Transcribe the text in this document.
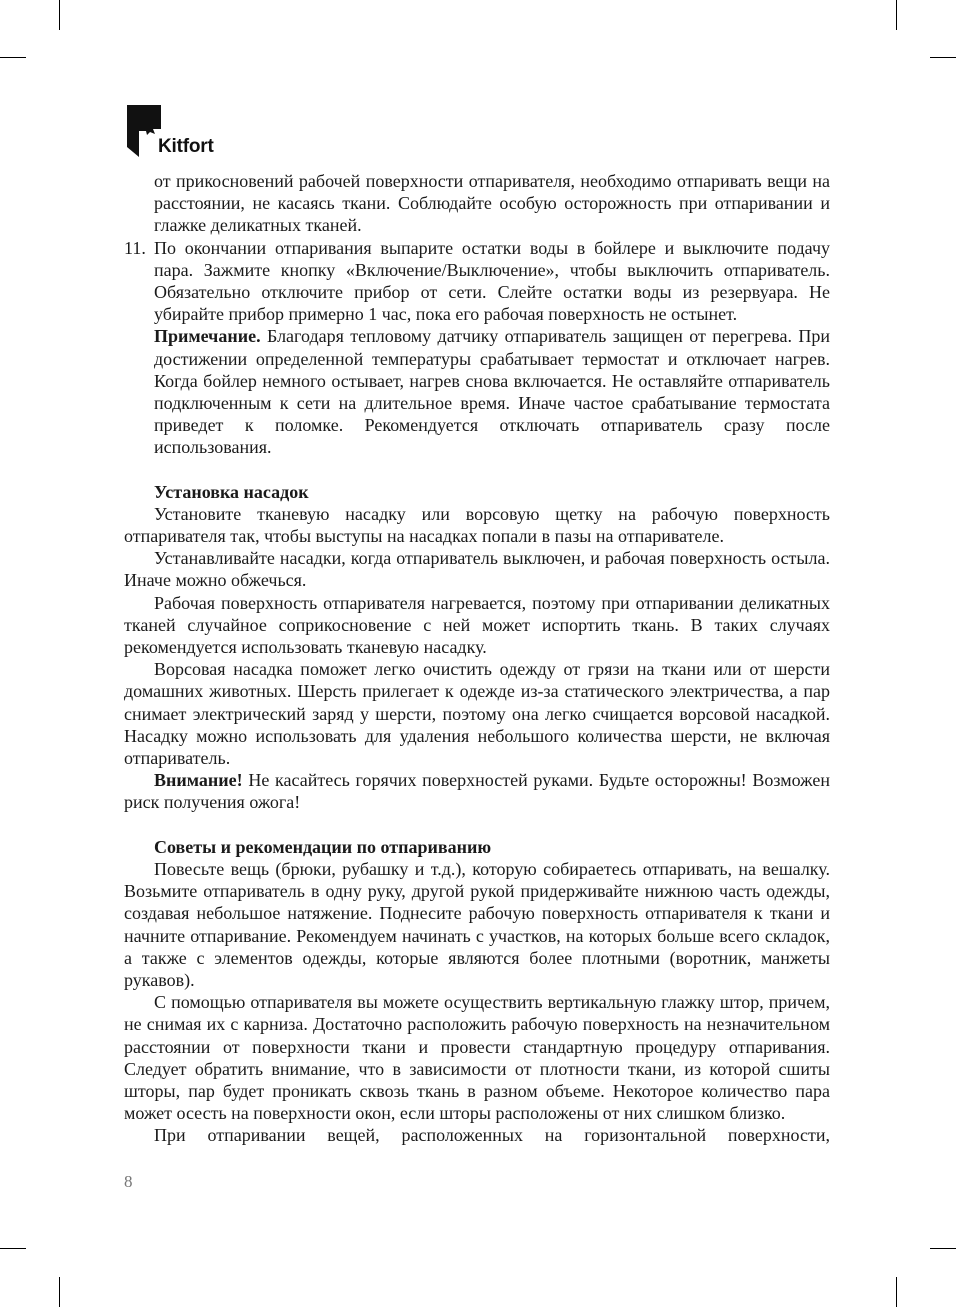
Kitfort

от прикосновений рабочей поверхности отпаривателя, необходимо отпаривать вещи на расстоянии, не касаясь ткани. Соблюдайте особую осторожность при отпаривании и глажке деликатных тканей.

11. По окончании отпаривания выпарите остатки воды в бойлере и выключите подачу пара. Зажмите кнопку «Включение/Выключение», чтобы выключить отпариватель. Обязательно отключите прибор от сети. Слейте остатки воды из резервуара. Не убирайте прибор примерно 1 час, пока его рабочая поверхность не остынет.

Примечание. Благодаря тепловому датчику отпариватель защищен от перегрева. При достижении определенной температуры срабатывает термостат и отключает нагрев. Когда бойлер немного остывает, нагрев снова включается. Не оставляйте отпариватель подключенным к сети на длительное время. Иначе частое срабатывание термостата приведет к поломке. Рекомендуется отключать отпариватель сразу после использования.

Установка насадок

Установите тканевую насадку или ворсовую щетку на рабочую поверхность отпаривателя так, чтобы выступы на насадках попали в пазы на отпаривателе.

Устанавливайте насадки, когда отпариватель выключен, и рабочая поверхность остыла. Иначе можно обжечься.

Рабочая поверхность отпаривателя нагревается, поэтому при отпаривании деликатных тканей случайное соприкосновение с ней может испортить ткань. В таких случаях рекомендуется использовать тканевую насадку.

Ворсовая насадка поможет легко очистить одежду от грязи на ткани или от шерсти домашних животных. Шерсть прилегает к одежде из-за статического электричества, а пар снимает электрический заряд у шерсти, поэтому она легко счищается ворсовой насадкой. Насадку можно использовать для удаления небольшого количества шерсти, не включая отпариватель.

Внимание! Не касайтесь горячих поверхностей руками. Будьте осторожны! Возможен риск получения ожога!

Советы и рекомендации по отпариванию

Повесьте вещь (брюки, рубашку и т.д.), которую собираетесь отпаривать, на вешалку. Возьмите отпариватель в одну руку, другой рукой придерживайте нижнюю часть одежды, создавая небольшое натяжение. Поднесите рабочую поверхность отпаривателя к ткани и начните отпаривание. Рекомендуем начинать с участков, на которых больше всего складок, а также с элементов одежды, которые являются более плотными (воротник, манжеты рукавов).

С помощью отпаривателя вы можете осуществить вертикальную глажку штор, причем, не снимая их с карниза. Достаточно расположить рабочую поверхность на незначительном расстоянии от поверхности ткани и провести стандартную процедуру отпаривания. Следует обратить внимание, что в зависимости от плотности ткани, из которой сшиты шторы, пар будет проникать сквозь ткань в разном объеме. Некоторое количество пара может осесть на поверхности окон, если шторы расположены от них слишком близко.

При отпаривании вещей, расположенных на горизонтальной поверхности,

8
